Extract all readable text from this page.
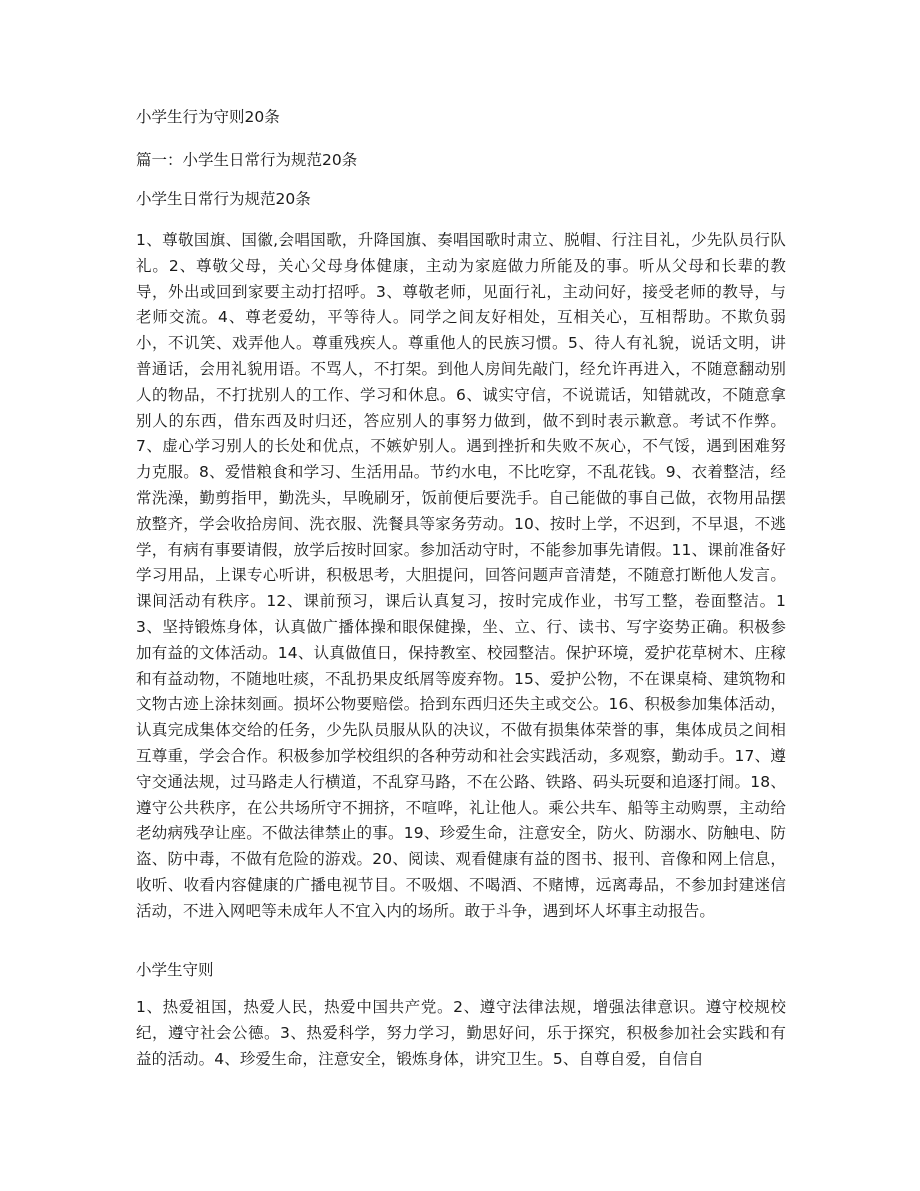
小学生行为守则20条

篇一：小学生日常行为规范20条

小学生日常行为规范20条

1、尊敬国旗、国徽,会唱国歌，升降国旗、奏唱国歌时肃立、脱帽、行注目礼，少先队员行队礼。2、尊敬父母，关心父母身体健康，主动为家庭做力所能及的事。听从父母和长辈的教导，外出或回到家要主动打招呼。3、尊敬老师，见面行礼，主动问好，接受老师的教导，与老师交流。4、尊老爱幼，平等待人。同学之间友好相处，互相关心，互相帮助。不欺负弱小，不讥笑、戏弄他人。尊重残疾人。尊重他人的民族习惯。5、待人有礼貌，说话文明，讲普通话，会用礼貌用语。不骂人，不打架。到他人房间先敲门，经允许再进入，不随意翻动别人的物品，不打扰别人的工作、学习和休息。6、诚实守信，不说谎话，知错就改，不随意拿别人的东西，借东西及时归还，答应别人的事努力做到，做不到时表示歉意。考试不作弊。7、虚心学习别人的长处和优点，不嫉妒别人。遇到挫折和失败不灰心，不气馁，遇到困难努力克服。8、爱惜粮食和学习、生活用品。节约水电，不比吃穿，不乱花钱。9、衣着整洁，经常洗澡，勤剪指甲，勤洗头，早晚刷牙，饭前便后要洗手。自己能做的事自己做，衣物用品摆放整齐，学会收拾房间、洗衣服、洗餐具等家务劳动。10、按时上学，不迟到，不早退，不逃学，有病有事要请假，放学后按时回家。参加活动守时，不能参加事先请假。11、课前准备好学习用品，上课专心听讲，积极思考，大胆提问，回答问题声音清楚，不随意打断他人发言。课间活动有秩序。12、课前预习，课后认真复习，按时完成作业，书写工整，卷面整洁。13、坚持锻炼身体，认真做广播体操和眼保健操，坐、立、行、读书、写字姿势正确。积极参加有益的文体活动。14、认真做值日，保持教室、校园整洁。保护环境，爱护花草树木、庄稼和有益动物，不随地吐痰，不乱扔果皮纸屑等废弃物。15、爱护公物，不在课桌椅、建筑物和文物古迹上涂抹刻画。损坏公物要赔偿。拾到东西归还失主或交公。16、积极参加集体活动，认真完成集体交给的任务，少先队员服从队的决议，不做有损集体荣誉的事，集体成员之间相互尊重，学会合作。积极参加学校组织的各种劳动和社会实践活动，多观察，勤动手。17、遵守交通法规，过马路走人行横道，不乱穿马路，不在公路、铁路、码头玩耍和追逐打闹。18、遵守公共秩序，在公共场所守不拥挤，不喧哗，礼让他人。乘公共车、船等主动购票，主动给老幼病残孕让座。不做法律禁止的事。19、珍爱生命，注意安全，防火、防溺水、防触电、防盗、防中毒，不做有危险的游戏。20、阅读、观看健康有益的图书、报刊、音像和网上信息，收听、收看内容健康的广播电视节目。不吸烟、不喝酒、不赌博，远离毒品，不参加封建迷信活动，不进入网吧等未成年人不宜入内的场所。敢于斗争，遇到坏人坏事主动报告。

小学生守则

1、热爱祖国，热爱人民，热爱中国共产党。2、遵守法律法规，增强法律意识。遵守校规校纪，遵守社会公德。3、热爱科学，努力学习，勤思好问，乐于探究，积极参加社会实践和有益的活动。4、珍爱生命，注意安全，锻炼身体，讲究卫生。5、自尊自爱，自信自
